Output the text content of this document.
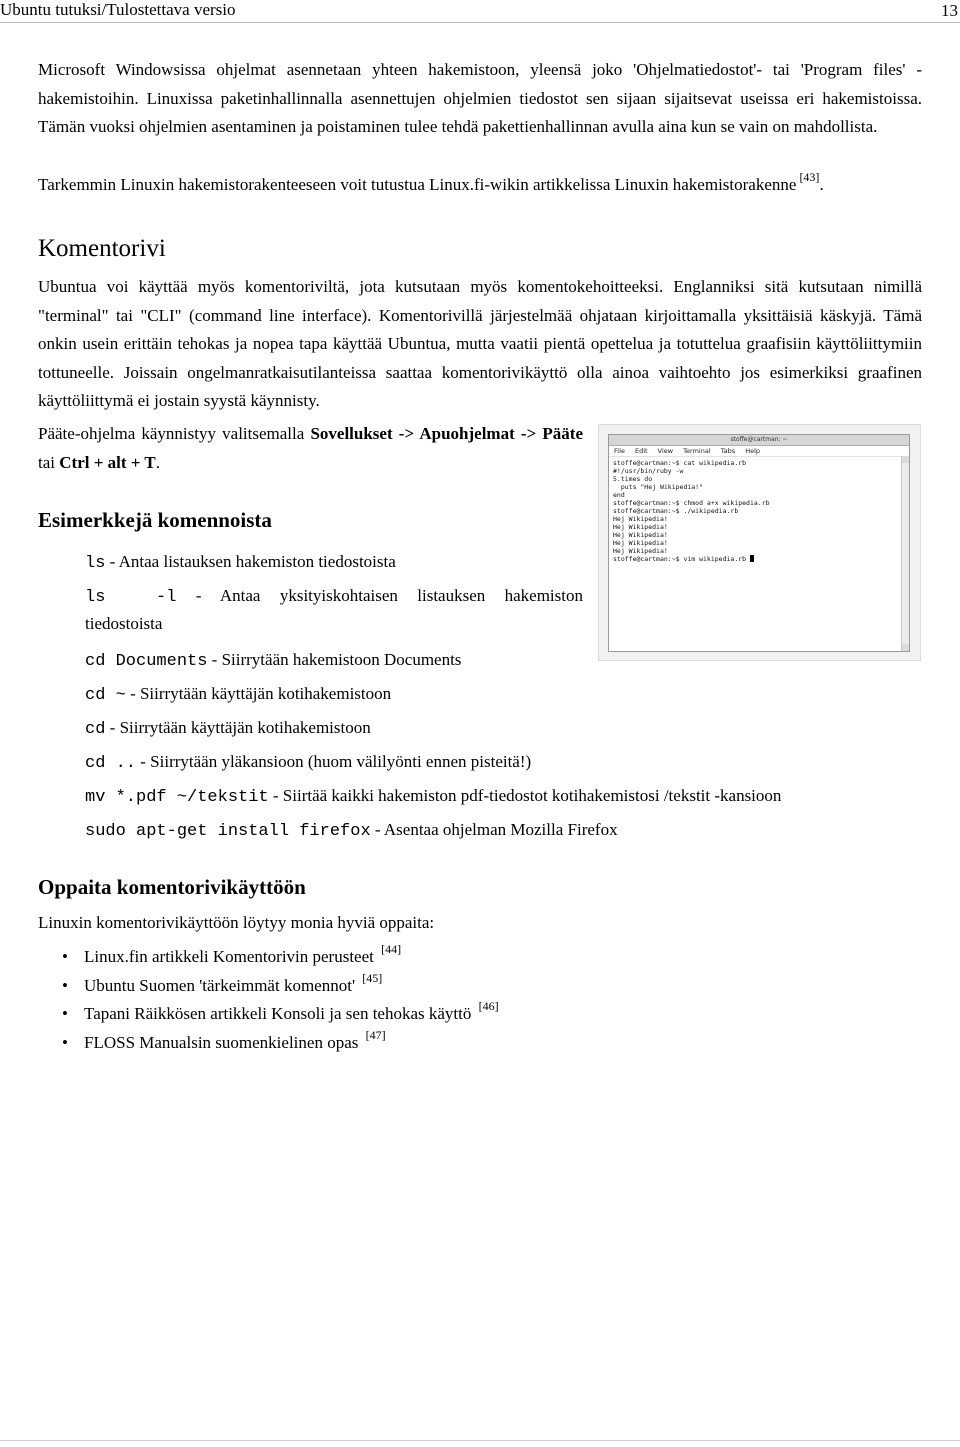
Ubuntu tutuksi/Tulostettava versio	13

Microsoft Windowsissa ohjelmat asennetaan yhteen hakemistoon, yleensä joko 'Ohjelmatiedostot'- tai 'Program files' -hakemistoihin. Linuxissa paketinhallinnalla asennettujen ohjelmien tiedostot sen sijaan sijaitsevat useissa eri hakemistoissa. Tämän vuoksi ohjelmien asentaminen ja poistaminen tulee tehdä pakettienhallinnan avulla aina kun se vain on mahdollista.

Tarkemmin Linuxin hakemistorakenteeseen voit tutustua Linux.fi-wikin artikkelissa Linuxin hakemistorakenne [43].

Komentorivi

Ubuntua voi käyttää myös komentoriviltä, jota kutsutaan myös komentokehoitteeksi. Englanniksi sitä kutsutaan nimillä "terminal" tai "CLI" (command line interface). Komentorivillä järjestelmää ohjataan kirjoittamalla yksittäisiä käskyjä. Tämä onkin usein erittäin tehokas ja nopea tapa käyttää Ubuntua, mutta vaatii pientä opettelua ja totuttelua graafisiin käyttöliittymiin tottuneelle. Joissain ongelmanratkaisutilanteissa saattaa komentorivikäyttö olla ainoa vaihtoehto jos esimerkiksi graafinen käyttöliittymä ei jostain syystä käynnisty.

Pääte-ohjelma käynnistyy valitsemalla Sovellukset -> Apuohjelmat -> Pääte tai Ctrl + alt + T.

stoffe@cartman: ~
File Edit View Terminal Tabs Help
stoffe@cartman:~$ cat wikipedia.rb
#!/usr/bin/ruby -w
5.times do
puts "Hej Wikipedia!"
end
stoffe@cartman:~$ chmod a+x wikipedia.rb
stoffe@cartman:~$ ./wikipedia.rb
Hej Wikipedia!
Hej Wikipedia!
Hej Wikipedia!
Hej Wikipedia!
Hej Wikipedia!
stoffe@cartman:~$ vim wikipedia.rb
Esimerkkejä komennoista

ls - Antaa listauksen hakemiston tiedostoista

ls  -l - Antaa yksityiskohtaisen listauksen hakemiston

tiedostoista

cd Documents - Siirrytään hakemistoon Documents

cd ~ - Siirrytään käyttäjän kotihakemistoon

cd - Siirrytään käyttäjän kotihakemistoon

cd .. - Siirrytään yläkansioon (huom välilyönti ennen pisteitä!)

mv *.pdf ~/tekstit - Siirtää kaikki hakemiston pdf-tiedostot kotihakemistosi /tekstit -kansioon

sudo apt-get install firefox - Asentaa ohjelman Mozilla Firefox

Oppaita komentorivikäyttöön

Linuxin komentorivikäyttöön löytyy monia hyviä oppaita:

• Linux.fin artikkeli Komentorivin perusteet [44]
• Ubuntu Suomen 'tärkeimmät komennot' [45]
• Tapani Räikkösen artikkeli Konsoli ja sen tehokas käyttö [46]
• FLOSS Manualsin suomenkielinen opas [47]
